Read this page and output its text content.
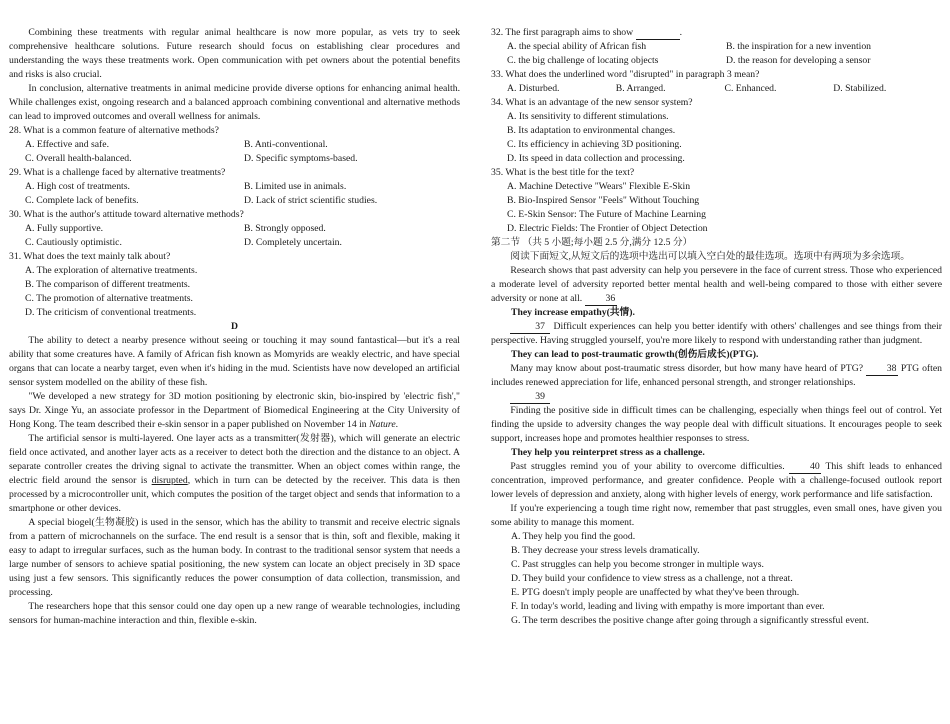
Combining these treatments with regular animal healthcare is now more popular, as vets try to seek comprehensive healthcare solutions. Future research should focus on establishing clear procedures and understanding the ways these treatments work. Open communication with pet owners about the potential benefits and risks is also crucial.

In conclusion, alternative treatments in animal medicine provide diverse options for enhancing animal health. While challenges exist, ongoing research and a balanced approach combining conventional and alternative methods can lead to improved outcomes and overall wellness for animals.

28. What is a common feature of alternative methods?

A. Effective and safe.	B. Anti-conventional.
C. Overall health-balanced.	D. Specific symptoms-based.

29. What is a challenge faced by alternative treatments?

A. High cost of treatments.	B. Limited use in animals.
C. Complete lack of benefits.	D. Lack of strict scientific studies.

30. What is the author's attitude toward alternative methods?

A. Fully supportive.	B. Strongly opposed.
C. Cautiously optimistic.	D. Completely uncertain.

31. What does the text mainly talk about?

A. The exploration of alternative treatments.
B. The comparison of different treatments.
C. The promotion of alternative treatments.
D. The criticism of conventional treatments.
D

The ability to detect a nearby presence without seeing or touching it may sound fantastical—but it's a real ability that some creatures have. A family of African fish known as Momyrids are weakly electric, and have special organs that can locate a nearby target, even when it's hiding in the mud. Scientists have now developed an artificial sensor system modelled on the ability of these fish.

"We developed a new strategy for 3D motion positioning by electronic skin, bio-inspired by 'electric fish'," says Dr. Xinge Yu, an associate professor in the Department of Biomedical Engineering at the City University of Hong Kong. The team described their e-skin sensor in a paper published on November 14 in Nature.

The artificial sensor is multi-layered. One layer acts as a transmitter(发射器), which will generate an electric field once activated, and another layer acts as a receiver to detect both the direction and the distance to an object. A separate controller creates the driving signal to activate the transmitter. When an object comes within range, the electric field around the sensor is disrupted, which in turn can be detected by the receiver. This data is then processed by a microcontroller unit, which computes the position of the target object and sends that information to a smartphone or other devices.

A special biogel(生物凝胶) is used in the sensor, which has the ability to transmit and receive electric signals from a pattern of microchannels on the surface. The end result is a sensor that is thin, soft and flexible, making it easy to adapt to irregular surfaces, such as the human body. In contrast to the traditional sensor system that needs a large number of sensors to achieve spatial positioning, the new system can locate an object precisely in 3D space using just a few sensors. This significantly reduces the power consumption of data collection, transmission, and processing.

The researchers hope that this sensor could one day open up a new range of wearable technologies, including sensors for human-machine interaction and thin, flexible e-skin.

32. The first paragraph aims to show	.

A. the special ability of African fish	B. the inspiration for a new invention
C. the big challenge of locating objects	D. the reason for developing a sensor

33. What does the underlined word "disrupted" in paragraph 3 mean?

A. Disturbed.	B. Arranged.	C. Enhanced.	D. Stabilized.

34. What is an advantage of the new sensor system?

A. Its sensitivity to different stimulations.
B. Its adaptation to environmental changes.
C. Its efficiency in achieving 3D positioning.
D. Its speed in data collection and processing.

35. What is the best title for the text?

A. Machine Detective "Wears" Flexible E-Skin
B. Bio-Inspired Sensor "Feels" Without Touching
C. E-Skin Sensor: The Future of Machine Learning
D. Electric Fields: The Frontier of Object Detection

第二节 （共 5 小题;每小题 2.5 分,满分 12.5 分）

阅读下面短文,从短文后的选项中选出可以填入空白处的最佳选项。选项中有两项为多余选项。

Research shows that past adversity can help you persevere in the face of current stress. Those who experienced a moderate level of adversity reported better mental health and well-being compared to those with either severe adversity or none at all. 36

They increase empathy(共情).

37 Difficult experiences can help you better identify with others' challenges and see things from their perspective. Having struggled yourself, you're more likely to respond with understanding rather than judgment.

They can lead to post-traumatic growth(创伤后成长)(PTG).

Many may know about post-traumatic stress disorder, but how many have heard of PTG? 38 PTG often includes renewed appreciation for life, enhanced personal strength, and stronger relationships.

39

Finding the positive side in difficult times can be challenging, especially when things feel out of control. Yet finding the upside to adversity changes the way people deal with difficult situations. It encourages people to seek support, increases hope and promotes healthier responses to stress.

They help you reinterpret stress as a challenge.

Past struggles remind you of your ability to overcome difficulties.	40 This shift leads to enhanced concentration, improved performance, and greater confidence. People with a challenge-focused outlook report lower levels of depression and anxiety, along with higher levels of energy, work performance and life satisfaction.

If you're experiencing a tough time right now, remember that past struggles, even small ones, have given you some ability to manage this moment.

A. They help you find the good.
B. They decrease your stress levels dramatically.
C. Past struggles can help you become stronger in multiple ways.
D. They build your confidence to view stress as a challenge, not a threat.
E. PTG doesn't imply people are unaffected by what they've been through.
F. In today's world, leading and living with empathy is more important than ever.
G. The term describes the positive change after going through a significantly stressful event.
